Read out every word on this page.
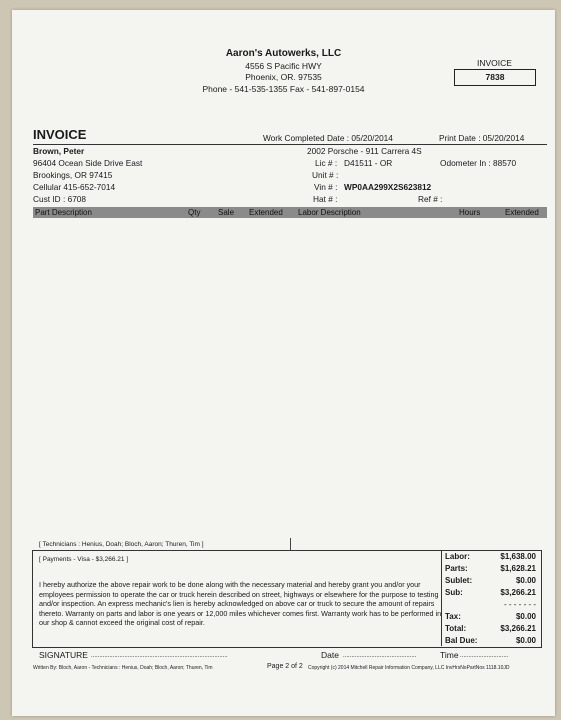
Aaron's Autowerks, LLC
4556 S Pacific HWY
Phoenix, OR. 97535
Phone - 541-535-1355 Fax - 541-897-0154
INVOICE
7838
INVOICE	Work Completed Date : 05/20/2014	Print Date : 05/20/2014
Brown, Peter
96404 Ocean Side Drive East
Brookings, OR 97415
Cellular 415-652-7014
Cust ID : 6708
2002 Porsche - 911 Carrera 4S
Lic # : D41511 - OR	Odometer In : 88570
Unit # :
Vin # : WP0AA299X2S623812
Hat # :	Ref # :
Part Description	Qty Sale Extended Labor Description	Hours	Extended
[ Technicians : Henius, Doah; Bloch, Aaron; Thuren, Tim ]
[ Payments - Visa - $3,266.21 ]
I hereby authorize the above repair work to be done along with the necessary material and hereby grant you and/or your employees permission to operate the car or truck herein described on street, highways or elsewhere for the purpose to testing and/or inspection. An express mechanic's lien is hereby acknowledged on above car or truck to secure the amount of repairs thereto. Warranty on parts and labor is one years or 12,000 miles whichever comes first. Warranty work has to be performed in our shop & cannot exceed the original cost of repair.
Labor:	$1,638.00
Parts:	$1,628.21
Sublet:	$0.00
Sub:	$3,266.21
- - - - - - -
Tax:	$0.00
Total:	$3,266.21
Bal Due:	$0.00
SIGNATURE ..................................................................................	Date ............................................	Time .............................
Written By: Bloch, Aaron - Technicians : Henius, Doah; Bloch, Aaron; Thuren, Tim	Page 2 of 2 Copyright (c) 2014 Mitchell Repair Information Company, LLC InvHrsNoPartNos 1118.10JD
